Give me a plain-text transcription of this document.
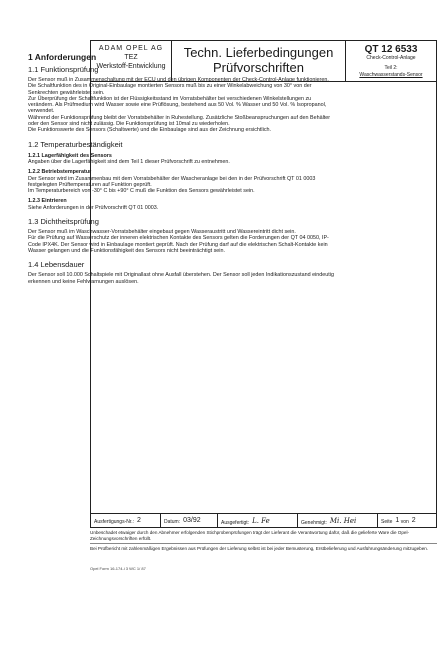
ADAM OPEL AG
TEZ
Werkstoff-Entwicklung
Techn. Lieferbedingungen
Prüfvorschriften
QT 12 6533
Check-Control-Anlage
Teil 2:
Waschwasserstands-Sensor
Ausfertigungs-Nr.: 2	Datum: 03/92	Ausgefertigt: L. Fe	Genehmigt: Mi. Hei	Seite 1 von 2
1 Anforderungen
1.1 Funktionsprüfung

Der Sensor muß in Zusammenschaltung mit der ECU und den übrigen Komponenten der Check-Control-Anlage funktionieren. Die Schaltfunktion des in Original-Einbaulage montierten Sensors muß bis zu einer Winkelabweichung von 30° von der Senkrechten gewährleistet sein.

Zur Überprüfung der Schaltfunktion ist der Flüssigkeitsstand im Vorratsbehälter bei verschiedenen Winkelstellungen zu verändern. Als Prüfmedium wird Wasser sowie eine Prüflösung, bestehend aus 50 Vol. % Wasser und 50 Vol. % Isopropanol, verwendet.

Während der Funktionsprüfung bleibt der Vorratsbehälter in Ruhestellung. Zusätzliche Stoßbeanspruchungen auf den Behälter oder den Sensor sind nicht zulässig. Die Funktionsprüfung ist 10mal zu wiederholen.

Die Funktionswerte des Sensors (Schaltwerte) und die Einbaulage sind aus der Zeichnung ersichtlich.

1.2 Temperaturbeständigkeit
1.2.1 Lagerfähigkeit des Sensors

Angaben über die Lagerfähigkeit sind dem Teil 1 dieser Prüfvorschrift zu entnehmen.

1.2.2 Betriebstemperatur

Der Sensor wird im Zusammenbau mit dem Vorratsbehälter der Wascheranlage bei den in der Prüfvorschrift QT 01 0003 festgelegten Prüftemperaturen auf Funktion geprüft.

Im Temperaturbereich von -30° C bis +90° C muß die Funktion des Sensors gewährleistet sein.

1.2.3 Eintrieren

Siehe Anforderungen in der Prüfvorschrift QT 01 0003.

1.3 Dichtheitsprüfung

Der Sensor muß im Waschwasser-Vorratsbehälter eingebaut gegen Wasseraustritt und Wassereintritt dicht sein.

Für die Prüfung auf Wasserschutz der inneren elektrischen Kontakte des Sensors gelten die Forderungen der QT 04 0050, IP-Code IPX4K. Der Sensor wird in Einbaulage montiert geprüft. Nach der Prüfung darf auf die elektrischen Schalt-Kontakte kein Wasser gelangen und die Funktionsfähigkeit des Sensors nicht beeinträchtigt sein.

1.4 Lebensdauer

Der Sensor soll 10.000 Schaltspiele mit Originallast ohne Ausfall überstehen. Der Sensor soll jeden Indikationszustand eindeutig erkennen und keine Fehlwarnungen auslösen.

Unbeschadet etwaiger durch den Abnehmer erfolgenden Stichprobenprüfungen trägt der Lieferant die Verantwortung dafür, daß die gelieferte Ware die Opel-Zeichnungsvorschriften erfüllt.

Bei Prüfbericht mit zahlenmäßigen Ergebnissen aus Prüfungen der Lieferung selbst ist bei jeder Bemusterung, Erstbelieferung und Ausführungsänderung mitzugeben.

Opel Form 16-174-i 3 WC 1/ 87
